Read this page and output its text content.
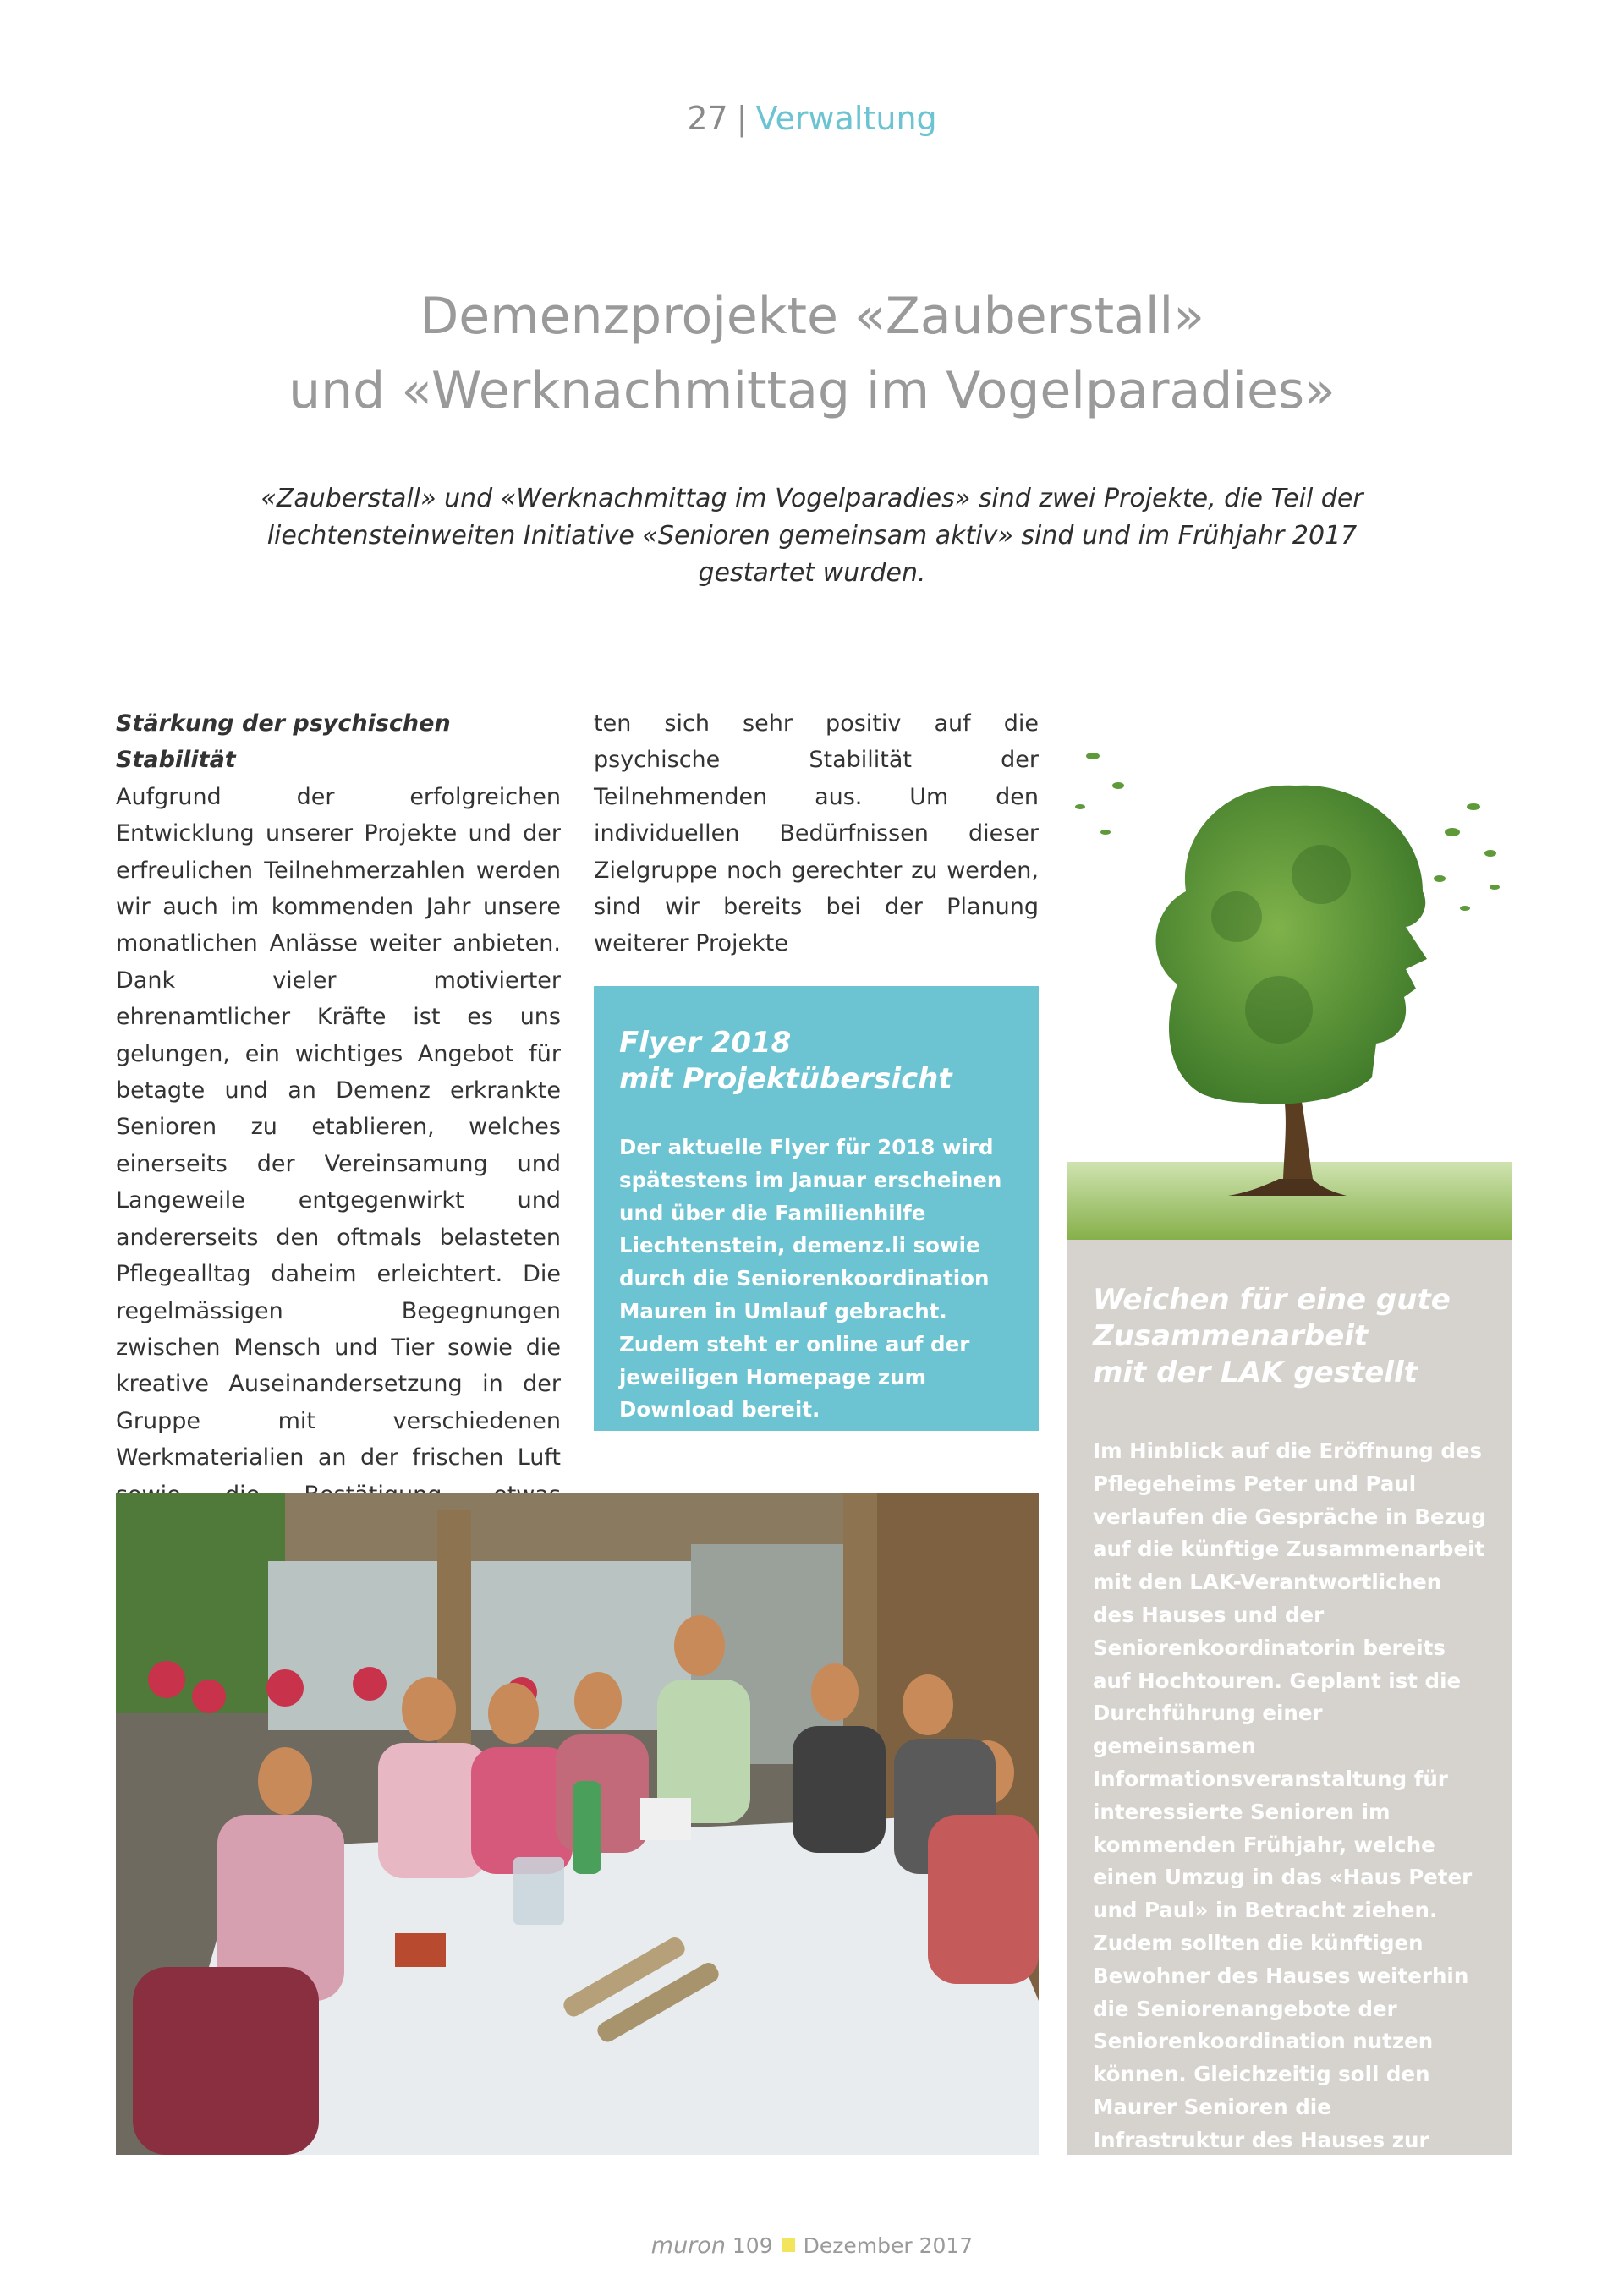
27 | Verwaltung
Demenzprojekte «Zauberstall»
und «Werknachmittag im Vogelparadies»
«Zauberstall» und «Werknachmittag im Vogelparadies» sind zwei Projekte, die Teil der liechtensteinweiten Initiative «Senioren gemeinsam aktiv» sind und im Frühjahr 2017 gestartet wurden.
Stärkung der psychischen Stabilität
Aufgrund der erfolgreichen Entwicklung unserer Projekte und der erfreulichen Teilnehmerzahlen werden wir auch im kommenden Jahr unsere monatlichen Anlässe weiter anbieten. Dank vieler motivierter ehrenamtlicher Kräfte ist es uns gelungen, ein wichtiges Angebot für betagte und an Demenz erkrankte Senioren zu etablieren, welches einerseits der Vereinsamung und Langeweile entgegenwirkt und andererseits den oftmals belasteten Pflegealltag daheim erleichtert. Die regelmässigen Begegnungen zwischen Mensch und Tier sowie die kreative Auseinandersetzung in der Gruppe mit verschiedenen Werkmaterialien an der frischen Luft
ten sich sehr positiv auf die psychische Stabilität der Teilnehmenden aus. Um den individuellen Bedürfnissen dieser Zielgruppe noch gerechter zu werden, sind wir bereits bei der Planung weiterer Projekte
Flyer 2018
mit Projektübersicht
Der aktuelle Flyer für 2018 wird spätestens im Januar erscheinen und über die Familienhilfe Liechtenstein, demenz.li sowie durch die Seniorenkoordination Mauren in Umlauf gebracht. Zudem steht er online auf der jeweiligen Homepage zum Download bereit.
Weichen für eine gute
Zusammenarbeit
mit der LAK gestellt
Im Hinblick auf die Eröffnung des Pflegeheims Peter und Paul verlaufen die Gespräche in Bezug auf die künftige Zusammenarbeit mit den LAK-Verantwortlichen des Hauses und der Seniorenkoordinatorin bereits auf Hochtouren. Geplant ist die Durchführung einer gemeinsamen Informationsveranstaltung für interessierte Senioren im kommenden Frühjahr, welche einen Umzug in das «Haus Peter und Paul» in Betracht ziehen. Zudem sollten die künftigen Bewohner des Hauses weiterhin die Seniorenangebote der Seniorenkoordination nutzen können. Gleichzeitig soll den Maurer Senioren die Infrastruktur des Hauses zur Verfügung stehen. Im Bereich der Freiwilligenarbeit wird eine enge Kooperation angestrebt.
muron 109 Dezember 2017
